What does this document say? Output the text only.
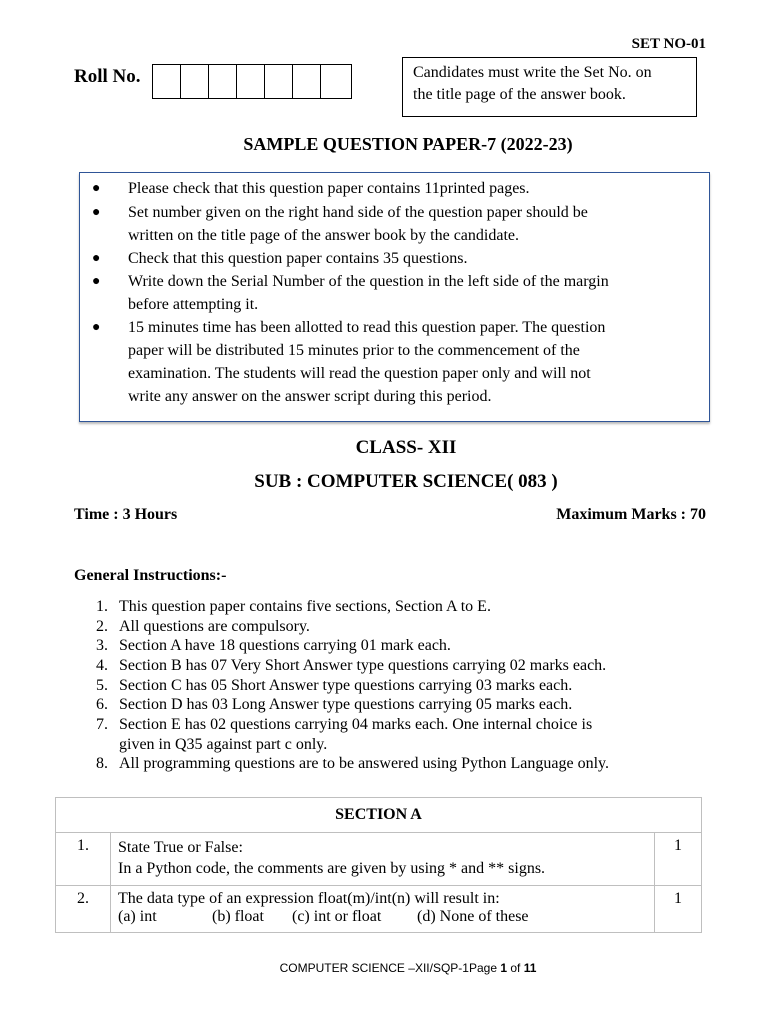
SET NO-01
Roll No.	Candidates must write the Set No. on
the title page of the answer book.
SAMPLE QUESTION PAPER-7 (2022-23)
● Please check that this question paper contains 11printed pages.
● Set number given on the right hand side of the question paper should be
written on the title page of the answer book by the candidate.
● Check that this question paper contains 35 questions.
● Write down the Serial Number of the question in the left side of the margin
before attempting it.
● 15 minutes time has been allotted to read this question paper. The question
paper will be distributed 15 minutes prior to the commencement of the
examination. The students will read the question paper only and will not
write any answer on the answer script during this period.
CLASS- XII
SUB : COMPUTER SCIENCE( 083 )
Time : 3 Hours	Maximum Marks : 70
General Instructions:-
1. This question paper contains five sections, Section A to E.
2. All questions are compulsory.
3. Section A have 18 questions carrying 01 mark each.
4. Section B has 07 Very Short Answer type questions carrying 02 marks each.
5. Section C has 05 Short Answer type questions carrying 03 marks each.
6. Section D has 03 Long Answer type questions carrying 05 marks each.
7. Section E has 02 questions carrying 04 marks each. One internal choice is
given in Q35 against part c only.
8. All programming questions are to be answered using Python Language only.
SECTION A		
1.	State True or False:
In a Python code, the comments are given by using * and ** signs.	1
2.	The data type of an expression float(m)/int(n) will result in:
(a) int (b) float (c) int or float (d) None of these	1
COMPUTER SCIENCE –XII/SQP-1Page 1 of 11
